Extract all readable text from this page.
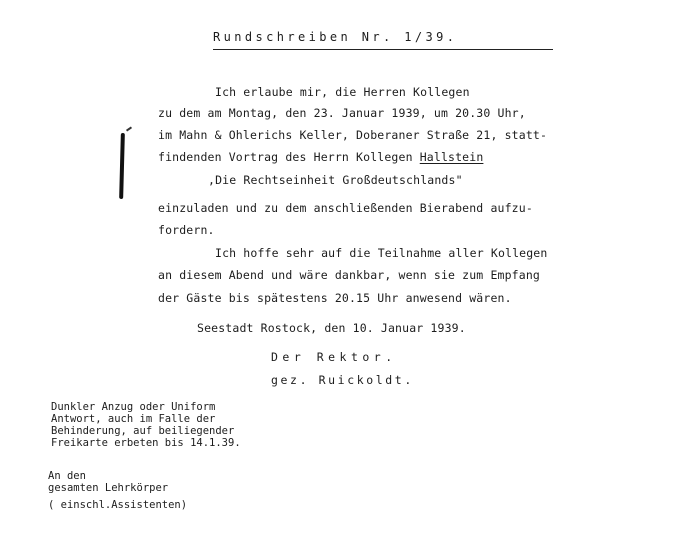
Rundschreiben Nr. 1/39.
Ich erlaube mir, die Herren Kollegen
zu dem am Montag, den 23. Januar 1939, um 20.30 Uhr,
im Mahn & Ohlerichs Keller, Doberaner Straße 21, statt-
findenden Vortrag des Herrn Kollegen Hallstein
,Die Rechtseinheit Großdeutschlands"
einzuladen und zu dem anschließenden Bierabend aufzu-
fordern.
Ich hoffe sehr auf die Teilnahme aller Kollegen
an diesem Abend und wäre dankbar, wenn sie zum Empfang
der Gäste bis spätestens 20.15 Uhr anwesend wären.
Seestadt Rostock, den 10. Januar 1939.
Der Rektor.
gez. Ruickoldt.
Dunkler Anzug oder Uniform
Antwort, auch im Falle der
Behinderung, auf beiliegender
Freikarte erbeten bis 14.1.39.
An den
gesamten Lehrkörper
( einschl.Assistenten)
